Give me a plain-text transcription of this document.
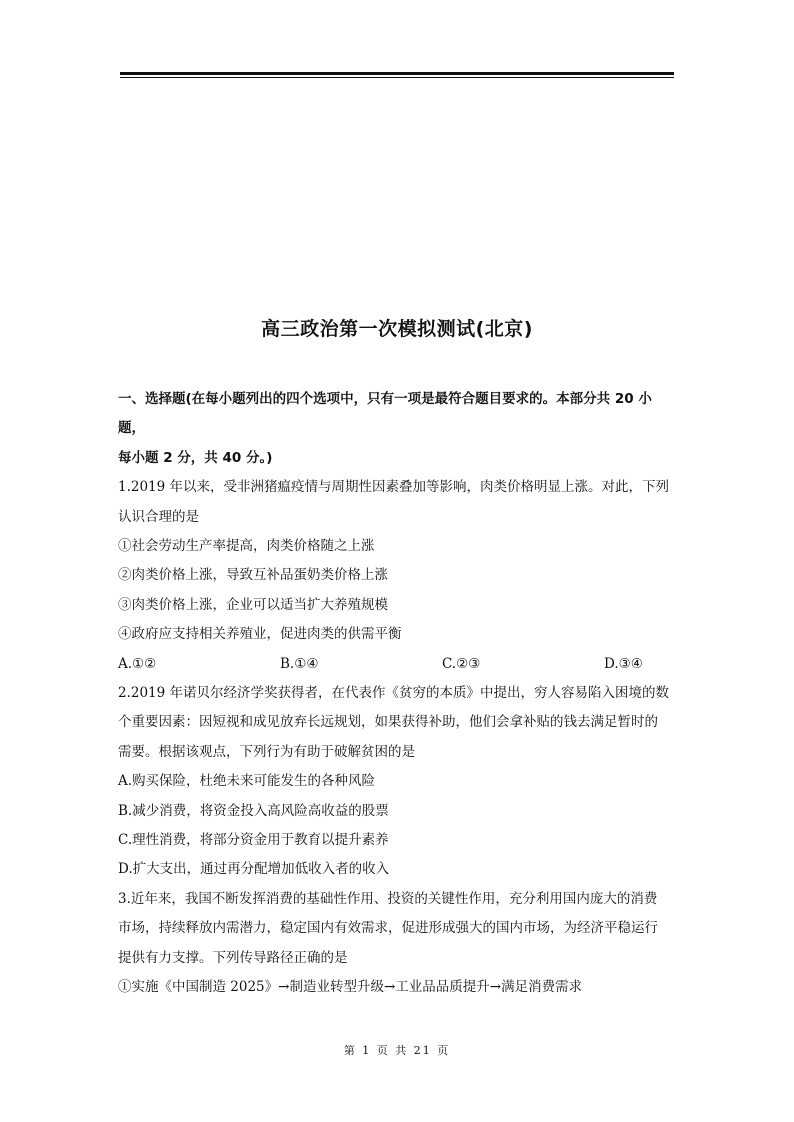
高三政治第一次模拟测试(北京)

一、选择题(在每小题列出的四个选项中，只有一项是最符合题目要求的。本部分共 20 小题，

每小题 2 分，共 40 分。)

1.2019 年以来，受非洲猪瘟疫情与周期性因素叠加等影响，肉类价格明显上涨。对此，下列

认识合理的是

①社会劳动生产率提高，肉类价格随之上涨

②肉类价格上涨，导致互补品蛋奶类价格上涨

③肉类价格上涨，企业可以适当扩大养殖规模

④政府应支持相关养殖业，促进肉类的供需平衡

A.①②	B.①④	C.②③	D.③④

2.2019 年诺贝尔经济学奖获得者，在代表作《贫穷的本质》中提出，穷人容易陷入困境的数

个重要因素：因短视和成见放弃长远规划，如果获得补助，他们会拿补贴的钱去满足暂时的

需要。根据该观点，下列行为有助于破解贫困的是

A.购买保险，杜绝未来可能发生的各种风险

B.减少消费，将资金投入高风险高收益的股票

C.理性消费，将部分资金用于教育以提升素养

D.扩大支出，通过再分配增加低收入者的收入

3.近年来，我国不断发挥消费的基础性作用、投资的关键性作用，充分利用国内庞大的消费

市场，持续释放内需潜力，稳定国内有效需求，促进形成强大的国内市场，为经济平稳运行

提供有力支撑。下列传导路径正确的是

①实施《中国制造 2025》→制造业转型升级→工业品品质提升→满足消费需求

第 1 页 共 21 页
